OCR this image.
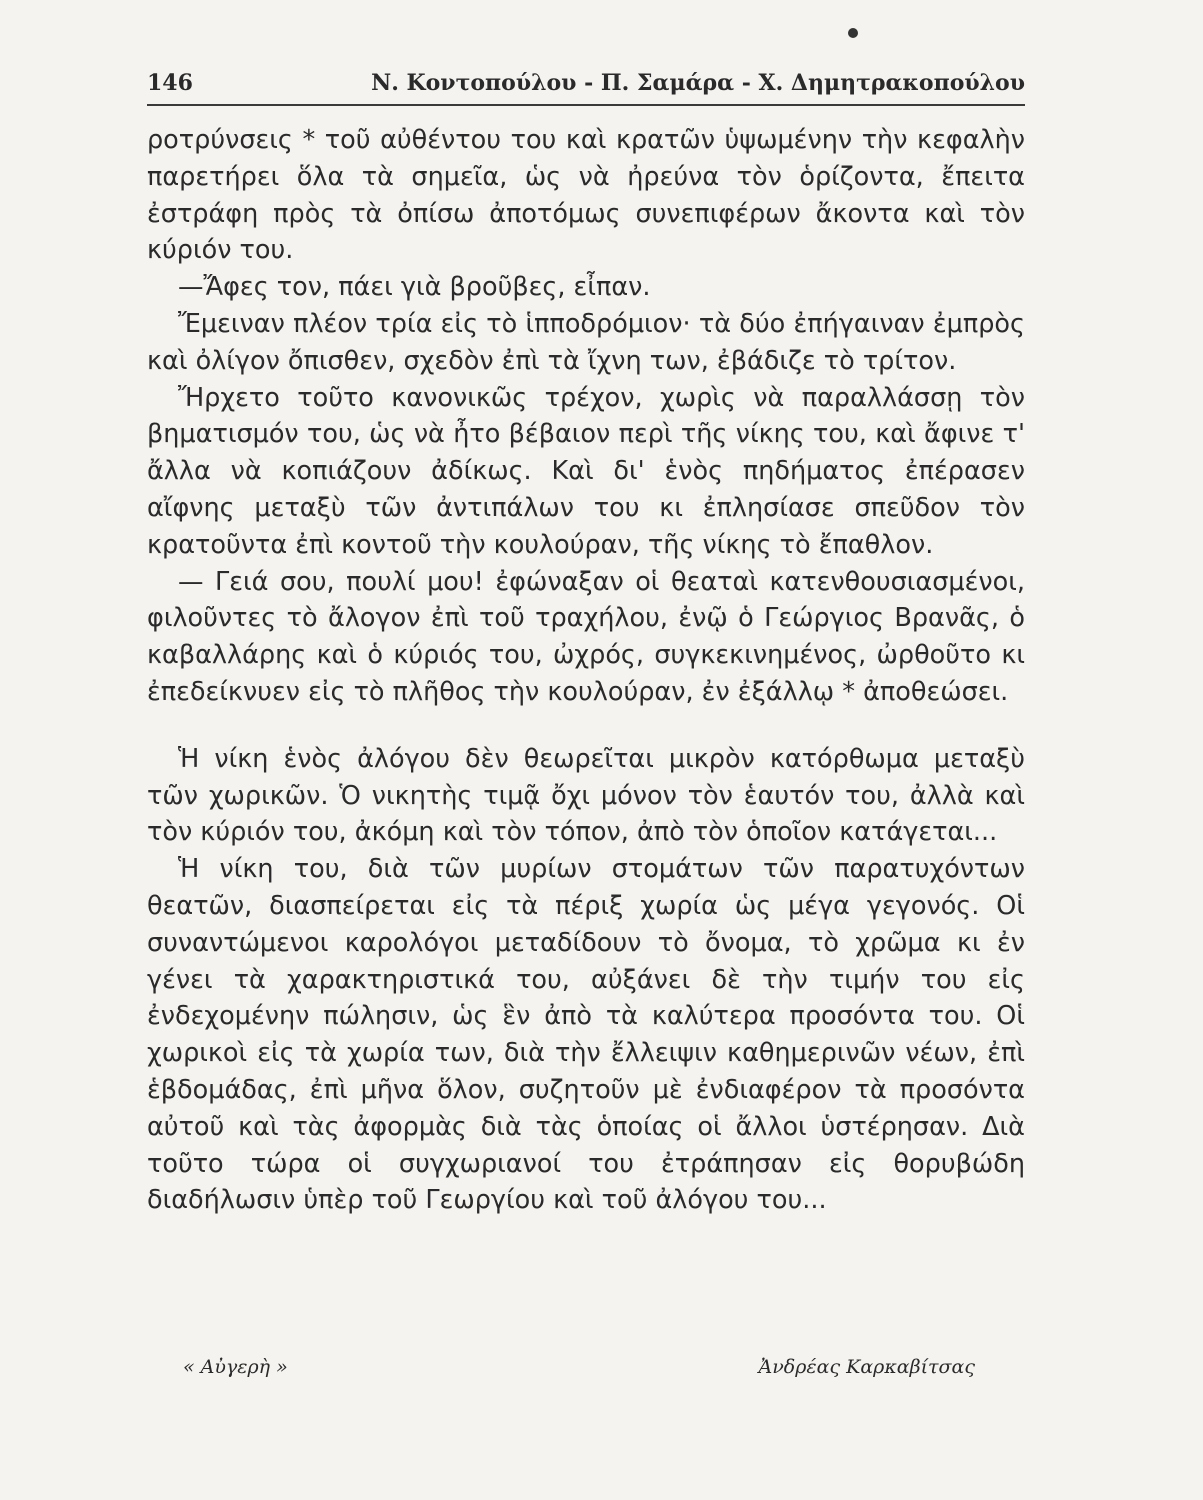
146	Ν. Κοντοπούλου - Π. Σαμάρα - Χ. Δημητρακοπούλου

ροτρύνσεις * τοῦ αὐθέντου του καὶ κρατῶν ὑψωμένην τὴν κεφαλὴν παρετήρει ὅλα τὰ σημεῖα, ὡς νὰ ἠρεύνα τὸν ὁρίζοντα, ἔπειτα ἐστράφη πρὸς τὰ ὀπίσω ἀποτόμως συνεπιφέρων ἄκοντα καὶ τὸν κύριόν του.

—Ἄφες τον, πάει γιὰ βροῦβες, εἶπαν.

Ἔμειναν πλέον τρία εἰς τὸ ἱπποδρόμιον· τὰ δύο ἐπήγαιναν ἐμπρὸς καὶ ὀλίγον ὄπισθεν, σχεδὸν ἐπὶ τὰ ἴχνη των, ἐβάδιζε τὸ τρίτον.

Ἤρχετο τοῦτο κανονικῶς τρέχον, χωρὶς νὰ παραλλάσσῃ τὸν βηματισμόν του, ὡς νὰ ἦτο βέβαιον περὶ τῆς νίκης του, καὶ ἄφινε τ' ἄλλα νὰ κοπιάζουν ἀδίκως. Καὶ δι' ἑνὸς πηδήματος ἐπέρασεν αἴφνης μεταξὺ τῶν ἀντιπάλων του κι ἐπλησίασε σπεῦδον τὸν κρατοῦντα ἐπὶ κοντοῦ τὴν κουλούραν, τῆς νίκης τὸ ἔπαθλον.

— Γειά σου, πουλί μου! ἐφώναξαν οἱ θεαταὶ κατενθουσιασμένοι, φιλοῦντες τὸ ἄλογον ἐπὶ τοῦ τραχήλου, ἐνῷ ὁ Γεώργιος Βρανᾶς, ὁ καβαλλάρης καὶ ὁ κύριός του, ὠχρός, συγκεκινημένος, ὠρθοῦτο κι ἐπεδείκνυεν εἰς τὸ πλῆθος τὴν κουλούραν, ἐν ἐξάλλῳ * ἀποθεώσει.

Ἡ νίκη ἑνὸς ἀλόγου δὲν θεωρεῖται μικρὸν κατόρθωμα μεταξὺ τῶν χωρικῶν. Ὁ νικητὴς τιμᾷ ὄχι μόνον τὸν ἑαυτόν του, ἀλλὰ καὶ τὸν κύριόν του, ἀκόμη καὶ τὸν τόπον, ἀπὸ τὸν ὁποῖον κατάγεται...

Ἡ νίκη του, διὰ τῶν μυρίων στομάτων τῶν παρατυχόντων θεατῶν, διασπείρεται εἰς τὰ πέριξ χωρία ὡς μέγα γεγονός. Οἱ συναντώμενοι καρολόγοι μεταδίδουν τὸ ὄνομα, τὸ χρῶμα κι ἐν γένει τὰ χαρακτηριστικά του, αὐξάνει δὲ τὴν τιμήν του εἰς ἐνδεχομένην πώλησιν, ὡς ἓν ἀπὸ τὰ καλύτερα προσόντα του. Οἱ χωρικοὶ εἰς τὰ χωρία των, διὰ τὴν ἔλλειψιν καθημερινῶν νέων, ἐπὶ ἑβδομάδας, ἐπὶ μῆνα ὅλον, συζητοῦν μὲ ἐνδιαφέρον τὰ προσόντα αὐτοῦ καὶ τὰς ἀφορμὰς διὰ τὰς ὁποίας οἱ ἄλλοι ὑστέρησαν. Διὰ τοῦτο τώρα οἱ συγχωριανοί του ἐτράπησαν εἰς θορυβώδη διαδήλωσιν ὑπὲρ τοῦ Γεωργίου καὶ τοῦ ἀλόγου του...

« Αὐγερὴ »	Ἀνδρέας Καρκαβίτσας
